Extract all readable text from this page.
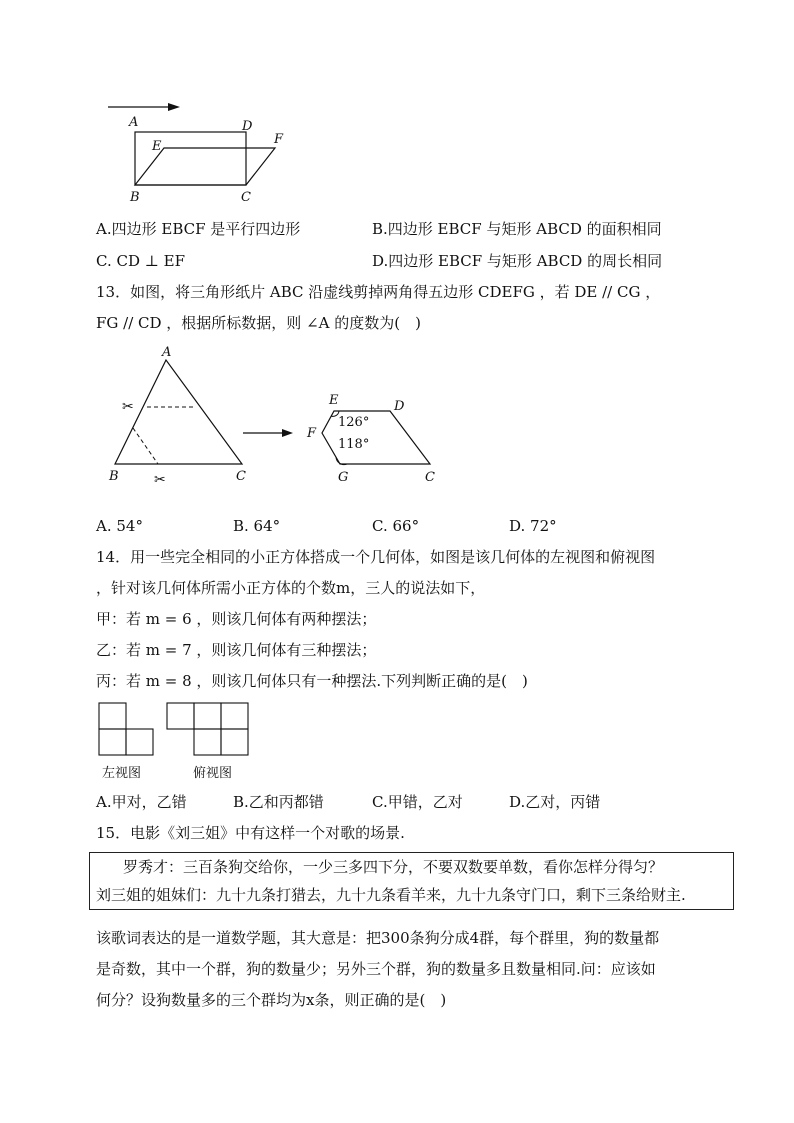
A	D
F
E
B	C
A.四边形 EBCF 是平行四边形	B.四边形 EBCF 与矩形 ABCD 的面积相同
C. CD ⊥ EF	D.四边形 EBCF 与矩形 ABCD 的周长相同
13．如图，将三角形纸片 ABC 沿虚线剪掉两角得五边形 CDEFG ，若 DE // CG ，
FG // CD ，根据所标数据，则 ∠A 的度数为(　)
✂
✂
A
B	C
E	D
F
G	C
126°
118°
A. 54°	B. 64°	C. 66°	D. 72°
14．用一些完全相同的小正方体搭成一个几何体，如图是该几何体的左视图和俯视图
，针对该几何体所需小正方体的个数m，三人的说法如下，
甲：若 m = 6 ，则该几何体有两种摆法；
乙：若 m = 7 ，则该几何体有三种摆法；
丙：若 m = 8 ，则该几何体只有一种摆法.下列判断正确的是(　)
左视图	俯视图
A.甲对，乙错	B.乙和丙都错	C.甲错，乙对	D.乙对，丙错
15．电影《刘三姐》中有这样一个对歌的场景.
罗秀才：三百条狗交给你，一少三多四下分，不要双数要单数，看你怎样分得匀？
刘三姐的姐妹们：九十九条打猎去，九十九条看羊来，九十九条守门口，剩下三条给财主.
该歌词表达的是一道数学题，其大意是：把300条狗分成4群，每个群里，狗的数量都
是奇数，其中一个群，狗的数量少；另外三个群，狗的数量多且数量相同.问：应该如
何分？设狗数量多的三个群均为x条，则正确的是(　)
